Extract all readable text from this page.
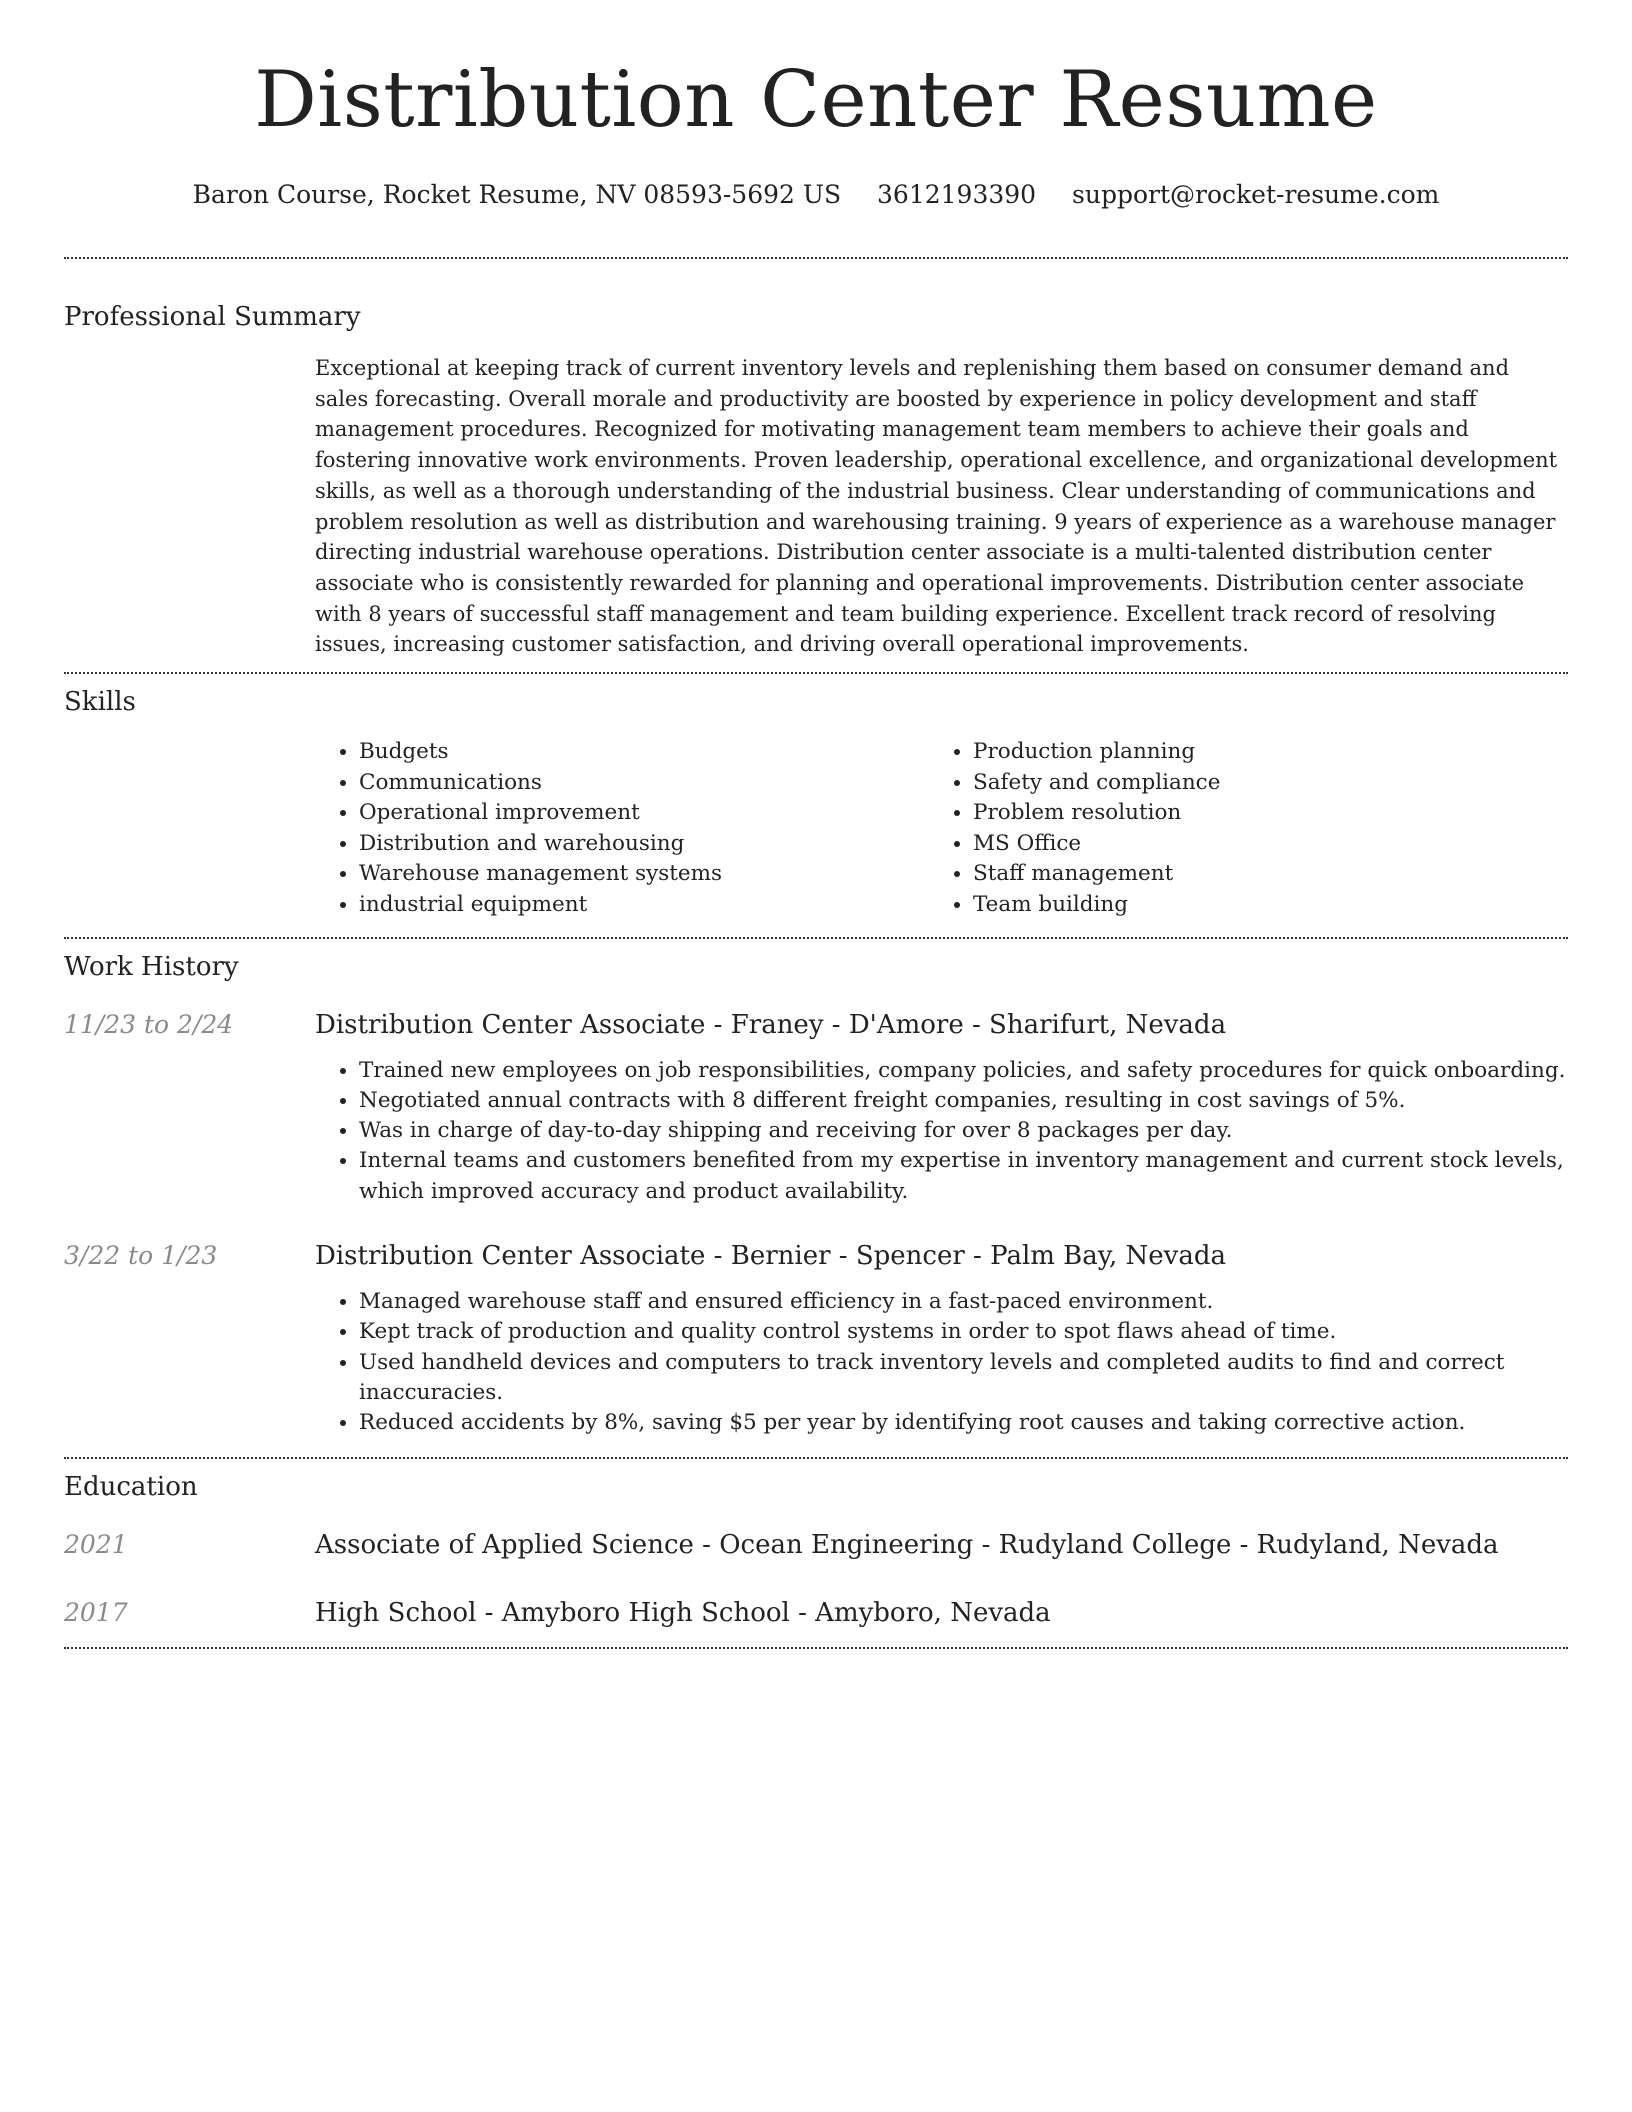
Distribution Center Resume
Baron Course, Rocket Resume, NV 08593-5692 US 3612193390 support@rocket-resume.com
Professional Summary

Exceptional at keeping track of current inventory levels and replenishing them based on consumer demand and sales forecasting. Overall morale and productivity are boosted by experience in policy development and staff management procedures. Recognized for motivating management team members to achieve their goals and fostering innovative work environments. Proven leadership, operational excellence, and organizational development skills, as well as a thorough understanding of the industrial business. Clear understanding of communications and problem resolution as well as distribution and warehousing training. 9 years of experience as a warehouse manager directing industrial warehouse operations. Distribution center associate is a multi-talented distribution center associate who is consistently rewarded for planning and operational improvements. Distribution center associate with 8 years of successful staff management and team building experience. Excellent track record of resolving issues, increasing customer satisfaction, and driving overall operational improvements.

Skills
• Budgets
• Communications
• Operational improvement
• Distribution and warehousing
• Warehouse management systems
• industrial equipment
• Production planning
• Safety and compliance
• Problem resolution
• MS Office
• Staff management
• Team building
Work History
11/23 to 2/24	Distribution Center Associate - Franey - D'Amore - Sharifurt, Nevada
• Trained new employees on job responsibilities, company policies, and safety procedures for quick onboarding.
• Negotiated annual contracts with 8 different freight companies, resulting in cost savings of 5%.
• Was in charge of day-to-day shipping and receiving for over 8 packages per day.
• Internal teams and customers benefited from my expertise in inventory management and current stock levels, which improved accuracy and product availability.
3/22 to 1/23	Distribution Center Associate - Bernier - Spencer - Palm Bay, Nevada
• Managed warehouse staff and ensured efficiency in a fast-paced environment.
• Kept track of production and quality control systems in order to spot flaws ahead of time.
• Used handheld devices and computers to track inventory levels and completed audits to find and correct inaccuracies.
• Reduced accidents by 8%, saving $5 per year by identifying root causes and taking corrective action.
Education
2021	Associate of Applied Science - Ocean Engineering - Rudyland College - Rudyland, Nevada
2017	High School - Amyboro High School - Amyboro, Nevada
